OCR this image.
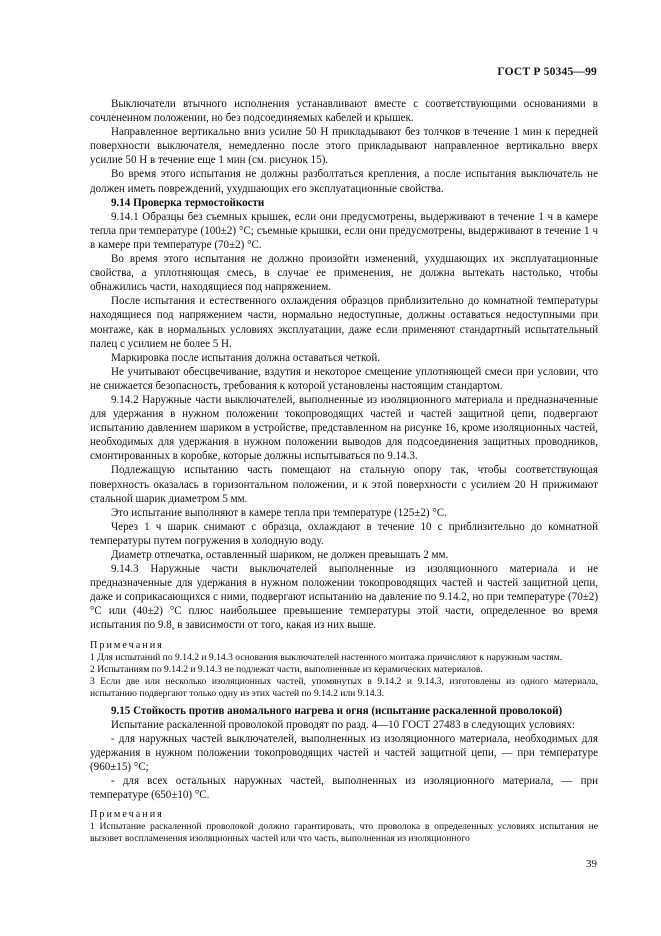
ГОСТ Р 50345—99

Выключатели втычного исполнения устанавливают вместе с соответствующими основаниями в сочлененном положении, но без подсоединяемых кабелей и крышек.

Направленное вертикально вниз усилие 50 Н прикладывают без толчков в течение 1 мин к передней поверхности выключателя, немедленно после этого прикладывают направленное вертикально вверх усилие 50 Н в течение еще 1 мин (см. рисунок 15).

Во время этого испытания не должны разболтаться крепления, а после испытания выключатель не должен иметь повреждений, ухудшающих его эксплуатационные свойства.

9.14 Проверка термостойкости

9.14.1 Образцы без съемных крышек, если они предусмотрены, выдерживают в течение 1 ч в камере тепла при температуре (100±2) °С; съемные крышки, если они предусмотрены, выдерживают в течение 1 ч в камере при температуре (70±2) °С.

Во время этого испытания не должно произойти изменений, ухудшающих их эксплуатационные свойства, а уплотняющая смесь, в случае ее применения, не должна вытекать настолько, чтобы обнажились части, находящиеся под напряжением.

После испытания и естественного охлаждения образцов приблизительно до комнатной температуры находящиеся под напряжением части, нормально недоступные, должны оставаться недоступными при монтаже, как в нормальных условиях эксплуатации, даже если применяют стандартный испытательный палец с усилием не более 5 Н.

Маркировка после испытания должна оставаться четкой.

Не учитывают обесцвечивание, вздутия и некоторое смещение уплотняющей смеси при условии, что не снижается безопасность, требования к которой установлены настоящим стандартом.

9.14.2 Наружные части выключателей, выполненные из изоляционного материала и предназначенные для удержания в нужном положении токопроводящих частей и частей защитной цепи, подвергают испытанию давлением шариком в устройстве, представленном на рисунке 16, кроме изоляционных частей, необходимых для удержания в нужном положении выводов для подсоединения защитных проводников, смонтированных в коробке, которые должны испытываться по 9.14.3.

Подлежащую испытанию часть помещают на стальную опору так, чтобы соответствующая поверхность оказалась в горизонтальном положении, и к этой поверхности с усилием 20 Н прижимают стальной шарик диаметром 5 мм.

Это испытание выполняют в камере тепла при температуре (125±2) °С.

Через 1 ч шарик снимают с образца, охлаждают в течение 10 с приблизительно до комнатной температуры путем погружения в холодную воду.

Диаметр отпечатка, оставленный шариком, не должен превышать 2 мм.

9.14.3 Наружные части выключателей выполненные из изоляционного материала и не предназначенные для удержания в нужном положении токопроводящих частей и частей защитной цепи, даже и соприкасающихся с ними, подвергают испытанию на давление по 9.14.2, но при температуре (70±2) °С или (40±2) °С плюс наибольшее превышение температуры этой части, определенное во время испытания по 9.8, в зависимости от того, какая из них выше.

Примечания

1 Для испытаний по 9.14.2 и 9.14.3 основания выключателей настенного монтажа причисляют к наружным частям.

2 Испытаниям по 9.14.2 и 9.14.3 не подлежат части, выполненные из керамических материалов.

3 Если две или несколько изоляционных частей, упомянутых в 9.14.2 и 9.14.3, изготовлены из одного материала, испытанию подвергают только одну из этих частей по 9.14.2 или 9.14.3.

9.15 Стойкость против аномального нагрева и огня (испытание раскаленной проволокой)

Испытание раскаленной проволокой проводят по разд. 4—10 ГОСТ 27483 в следующих условиях:

- для наружных частей выключателей, выполненных из изоляционного материала, необходимых для удержания в нужном положении токопроводящих частей и частей защитной цепи, — при температуре (960±15) °С;

- для всех остальных наружных частей, выполненных из изоляционного материала, — при температуре (650±10) °С.

Примечания

1 Испытание раскаленной проволокой должно гарантировать, что проволока в определенных условиях испытания не вызовет воспламенения изоляционных частей или что часть, выполненная из изоляционного

39
